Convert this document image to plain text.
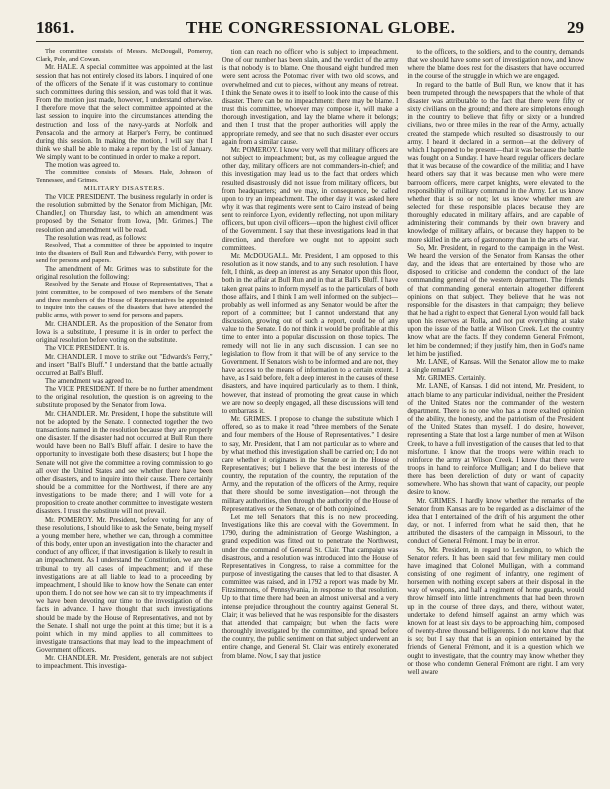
1861.	THE CONGRESSIONAL GLOBE.	29

The committee consists of Messrs. McDougall, Pomeroy, Clark, Pole, and Cowan.

Mr. HALE. A special committee was appointed at the last session that has not entirely closed its labors. I inquired of one of the officers of the Senate if it was customary to continue such committees during this session, and was told that it was. From the motion just made, however, I understand otherwise. I therefore move that the select committee appointed at the last session to inquire into the circumstances attending the destruction and loss of the navy-yards at Norfolk and Pensacola and the armory at Harper's Ferry, be continued during this session. In making the motion, I will say that I think we shall be able to make a report by the 1st of January. We simply want to be continued in order to make a report.

The motion was agreed to.

The committee consists of Messrs. Hale, Johnson of Tennessee, and Grimes.

MILITARY DISASTERS.

The VICE PRESIDENT. The business regularly in order is the resolution submitted by the Senator from Michigan, [Mr. Chandler,] on Thursday last, to which an amendment was proposed by the Senator from Iowa, [Mr. Grimes.] The resolution and amendment will be read.

The resolution was read, as follows:

Resolved, That a committee of three be appointed to inquire into the disasters of Bull Run and Edwards's Ferry, with power to send for persons and papers.

The amendment of Mr. Grimes was to substitute for the original resolution the following:

Resolved by the Senate and House of Representatives, That a joint committee, to be composed of two members of the Senate and three members of the House of Representatives be appointed to inquire into the causes of the disasters that have attended the public arms, with power to send for persons and papers.

Mr. CHANDLER. As the proposition of the Senator from Iowa is a substitute, I presume it is in order to perfect the original resolution before voting on the substitute.

The VICE PRESIDENT. It is.

Mr. CHANDLER. I move to strike out "Edwards's Ferry," and insert "Ball's Bluff." I understand that the battle actually occurred at Ball's Bluff.

The amendment was agreed to.

The VICE PRESIDENT. If there be no further amendment to the original resolution, the question is on agreeing to the substitute proposed by the Senator from Iowa.

Mr. CHANDLER. Mr. President, I hope the substitute will not be adopted by the Senate. I connected together the two transactions named in the resolution because they are properly one disaster. If the disaster had not occurred at Bull Run there would have been no Ball's Bluff affair. I desire to have the opportunity to investigate both these disasters; but I hope the Senate will not give the committee a roving commission to go all over the United States and see whether there have been other disasters, and to inquire into their cause. There certainly should be a committee for the Northwest, if there are any investigations to be made there; and I will vote for a proposition to create another committee to investigate western disasters. I trust the substitute will not prevail.

Mr. POMEROY. Mr. President, before voting for any of these resolutions, I should like to ask the Senate, being myself a young member here, whether we can, through a committee of this body, enter upon an investigation into the character and conduct of any officer, if that investigation is likely to result in an impeachment. As I understand the Constitution, we are the tribunal to try all cases of impeachment; and if these investigations are at all liable to lead to a proceeding by impeachment, I should like to know how the Senate can enter upon them. I do not see how we can sit to try impeachments if we have been devoting our time to the investigation of the facts in advance. I have thought that such investigations should be made by the House of Representatives, and not by the Senate. I shall not urge the point at this time; but it is a point which in my mind applies to all committees to investigate transactions that may lead to the impeachment of Government officers.

Mr. CHANDLER. Mr. President, generals are not subject to impeachment. This investiga-

tion can reach no officer who is subject to impeachment. One of our number has been slain, and the verdict of the army is that nobody is to blame. One thousand eight hundred men were sent across the Potomac river with two old scows, and overwhelmed and cut to pieces, without any means of retreat. I think the Senate owes it to itself to look into the cause of this disaster. There can be no impeachment: there may be blame. I trust this committee, whoever may compose it, will make a thorough investigation, and lay the blame where it belongs; and then I trust that the proper authorities will apply the appropriate remedy, and see that no such disaster ever occurs again from a similar cause.

Mr. POMEROY. I know very well that military officers are not subject to impeachment; but, as my colleague argued the other day, military officers are not commanders-in-chief; and this investigation may lead us to the fact that orders which resulted disastrously did not issue from military officers, but from headquarters; and we may, in consequence, be called upon to try an impeachment. The other day it was asked here why it was that regiments were sent to Cairo instead of being sent to reinforce Lyon, evidently reflecting, not upon military officers, but upon civil officers—upon the highest civil officer of the Government. I say that these investigations lead in that direction, and therefore we ought not to appoint such committees.

Mr. McDOUGALL. Mr. President, I am opposed to this resolution as it now stands, and to any such resolution. I have felt, I think, as deep an interest as any Senator upon this floor, both in the affair at Bull Run and in that at Ball's Bluff. I have taken great pains to inform myself as to the particulars of both those affairs, and I think I am well informed on the subject—probably as well informed as any Senator would be after the report of a committee; but I cannot understand that any discussion, growing out of such a report, could be of any value to the Senate. I do not think it would be profitable at this time to enter into a popular discussion on those topics. The remedy will not lie in any such discussion. I can see no legislation to flow from it that will be of any service to the Government. If Senators wish to be informed and are not, they have access to the means of information to a certain extent. I have, as I said before, felt a deep interest in the causes of these disasters, and have inquired particularly as to them. I think, however, that instead of promoting the great cause in which we are now so deeply engaged, all these discussions will tend to embarrass it.

Mr. GRIMES. I propose to change the substitute which I offered, so as to make it read "three members of the Senate and four members of the House of Representatives." I desire to say, Mr. President, that I am not particular as to where and by what method this investigation shall be carried on; I do not care whether it originates in the Senate or in the House of Representatives; but I believe that the best interests of the country, the reputation of the country, the reputation of the Army, and the reputation of the officers of the Army, require that there should be some investigation—not through the military authorities, then through the authority of the House of Representatives or the Senate, or of both conjoined.

Let me tell Senators that this is no new proceeding. Investigations like this are coeval with the Government. In 1790, during the administration of George Washington, a grand expedition was fitted out to penetrate the Northwest, under the command of General St. Clair. That campaign was disastrous, and a resolution was introduced into the House of Representatives in Congress, to raise a committee for the purpose of investigating the causes that led to that disaster. A committee was raised, and in 1792 a report was made by Mr. Fitzsimmons, of Pennsylvania, in response to that resolution. Up to that time there had been an almost universal and a very intense prejudice throughout the country against General St. Clair; it was believed that he was responsible for the disasters that attended that campaign; but when the facts were thoroughly investigated by the committee, and spread before the country, the public sentiment on that subject underwent an entire change, and General St. Clair was entirely exonerated from blame. Now, I say that justice

to the officers, to the soldiers, and to the country, demands that we should have some sort of investigation now, and know where the blame does rest for the disasters that have occurred in the course of the struggle in which we are engaged.

In regard to the battle of Bull Run, we know that it has been trumpeted through the newspapers that the whole of that disaster was attributable to the fact that there were fifty or sixty civilians on the ground; and there are simpletons enough in the country to believe that fifty or sixty or a hundred civilians, two or three miles in the rear of the Army, actually created the stampede which resulted so disastrously to our army. I heard it declared in a sermon—at the delivery of which I happened to be present—that it was because the battle was fought on a Sunday. I have heard regular officers declare that it was because of the cowardice of the militia; and I have heard others say that it was because men who were mere barroom officers, mere carpet knights, were elevated to the responsibility of military command in the Army. Let us know whether that is so or not; let us know whether men are selected for these responsible places because they are thoroughly educated in military affairs, and are capable of administering their commands by their own bravery and knowledge of military affairs, or because they happen to be more skilled in the arts of gastronomy than in the arts of war.

So, Mr. President, in regard to the campaign in the West. We heard the version of the Senator from Kansas the other day, and the ideas that are entertained by those who are disposed to criticise and condemn the conduct of the late commanding general of the western department. The friends of that commanding general entertain altogether different opinions on that subject. They believe that he was not responsible for the disasters in that campaign; they believe that he had a right to expect that General Lyon would fall back upon his reserves at Rolla, and not put everything at stake upon the issue of the battle at Wilson Creek. Let the country know what are the facts. If they condemn General Frémont, let him be condemned; if they justify him, then in God's name let him be justified.

Mr. LANE, of Kansas. Will the Senator allow me to make a single remark?

Mr. GRIMES. Certainly.

Mr. LANE, of Kansas. I did not intend, Mr. President, to attach blame to any particular individual, neither the President of the United States nor the commander of the western department. There is no one who has a more exalted opinion of the ability, the honesty, and the patriotism of the President of the United States than myself. I do desire, however, representing a State that lost a large number of men at Wilson Creek, to have a full investigation of the causes that led to that misfortune. I know that the troops were within reach to reinforce the army at Wilson Creek. I know that there were troops in hand to reinforce Mulligan; and I do believe that there has been dereliction of duty or want of capacity somewhere. Who has shown that want of capacity, our people desire to know.

Mr. GRIMES. I hardly know whether the remarks of the Senator from Kansas are to be regarded as a disclaimer of the idea that I entertained of the drift of his argument the other day, or not. I inferred from what he said then, that he attributed the disasters of the campaign in Missouri, to the conduct of General Frémont. I may be in error.

So, Mr. President, in regard to Lexington, to which the Senator refers. It has been said that few military men could have imagined that Colonel Mulligan, with a command consisting of one regiment of infantry, one regiment of horsemen with nothing except sabers at their disposal in the way of weapons, and half a regiment of home guards, would throw himself into little intrenchments that had been thrown up in the course of three days, and there, without water, undertake to defend himself against an army which was known for at least six days to be approaching him, composed of twenty-three thousand belligerents. I do not know that that is so; but I say that that is an opinion entertained by the friends of General Frémont, and it is a question which we ought to investigate, that the country may know whether they or those who condemn General Frémont are right. I am very well aware
